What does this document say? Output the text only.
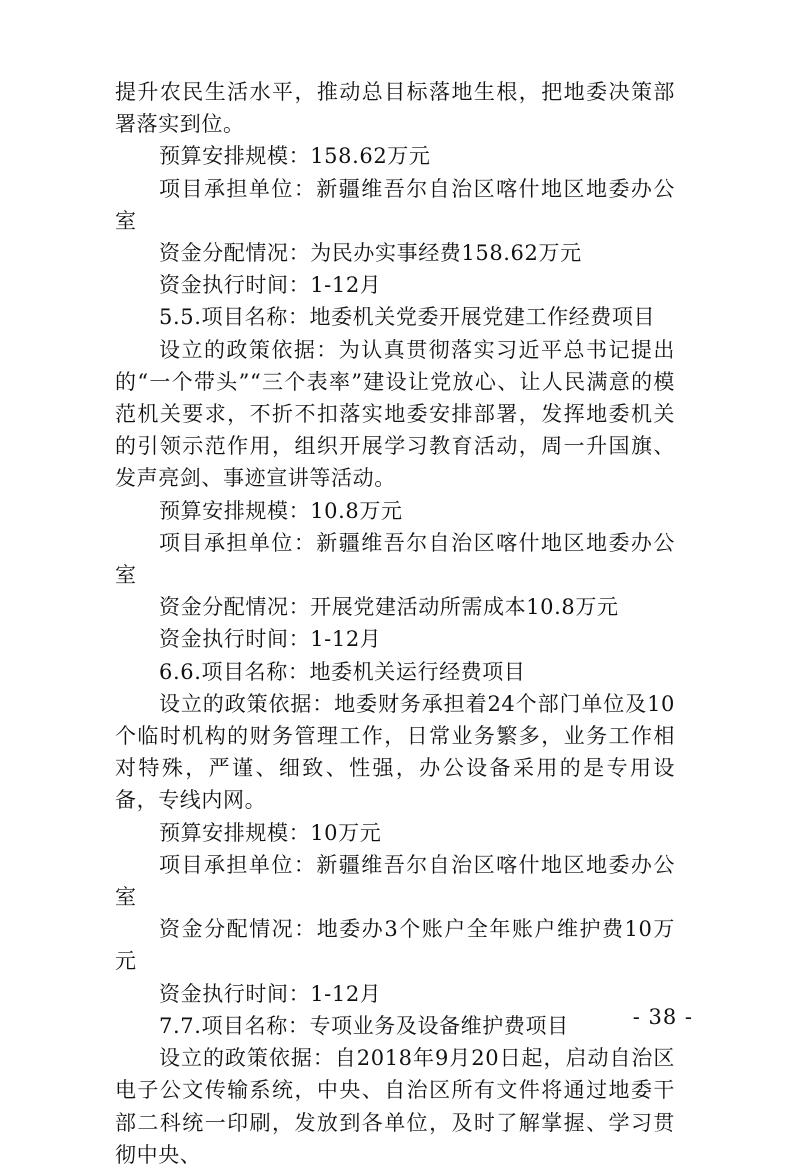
提升农民生活水平，推动总目标落地生根，把地委决策部署落实到位。

预算安排规模：158.62万元

项目承担单位：新疆维吾尔自治区喀什地区地委办公室

资金分配情况：为民办实事经费158.62万元

资金执行时间：1-12月

5.5.项目名称：地委机关党委开展党建工作经费项目

设立的政策依据：为认真贯彻落实习近平总书记提出的“一个带头”“三个表率”建设让党放心、让人民满意的模范机关要求，不折不扣落实地委安排部署，发挥地委机关的引领示范作用，组织开展学习教育活动，周一升国旗、发声亮剑、事迹宣讲等活动。

预算安排规模：10.8万元

项目承担单位：新疆维吾尔自治区喀什地区地委办公室

资金分配情况：开展党建活动所需成本10.8万元

资金执行时间：1-12月

6.6.项目名称：地委机关运行经费项目

设立的政策依据：地委财务承担着24个部门单位及10个临时机构的财务管理工作，日常业务繁多，业务工作相对特殊，严谨、细致、性强，办公设备采用的是专用设备，专线内网。

预算安排规模：10万元

项目承担单位：新疆维吾尔自治区喀什地区地委办公室

资金分配情况：地委办3个账户全年账户维护费10万元

资金执行时间：1-12月

7.7.项目名称：专项业务及设备维护费项目

设立的政策依据：自2018年9月20日起，启动自治区电子公文传输系统，中央、自治区所有文件将通过地委干部二科统一印刷，发放到各单位，及时了解掌握、学习贯彻中央、

- 38 -
